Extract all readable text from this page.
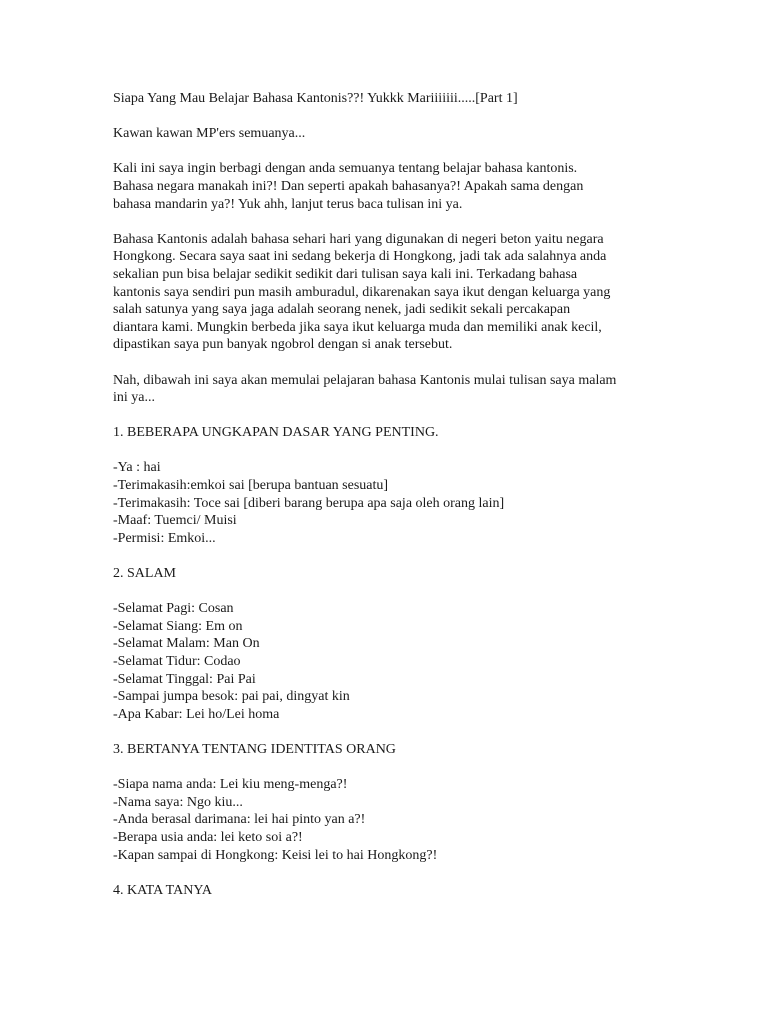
Siapa Yang Mau Belajar Bahasa Kantonis??! Yukkk Mariiiiiii.....[Part 1]
Kawan kawan MP'ers semuanya...
Kali ini saya ingin berbagi dengan anda semuanya tentang belajar bahasa kantonis.
Bahasa negara manakah ini?! Dan seperti apakah bahasanya?! Apakah sama dengan
bahasa mandarin ya?! Yuk ahh, lanjut terus baca tulisan ini ya.
Bahasa Kantonis adalah bahasa sehari hari yang digunakan di negeri beton yaitu negara
Hongkong. Secara saya saat ini sedang bekerja di Hongkong, jadi tak ada salahnya anda
sekalian pun bisa belajar sedikit sedikit dari tulisan saya kali ini. Terkadang bahasa
kantonis saya sendiri pun masih amburadul, dikarenakan saya ikut dengan keluarga yang
salah satunya yang saya jaga adalah seorang nenek, jadi sedikit sekali percakapan
diantara kami. Mungkin berbeda jika saya ikut keluarga muda dan memiliki anak kecil,
dipastikan saya pun banyak ngobrol dengan si anak tersebut.
Nah, dibawah ini saya akan memulai pelajaran bahasa Kantonis mulai tulisan saya malam
ini ya...
1. BEBERAPA UNGKAPAN DASAR YANG PENTING.
-Ya : hai
-Terimakasih:emkoi sai [berupa bantuan sesuatu]
-Terimakasih: Toce sai [diberi barang berupa apa saja oleh orang lain]
-Maaf: Tuemci/ Muisi
-Permisi: Emkoi...
2. SALAM
-Selamat Pagi: Cosan
-Selamat Siang: Em on
-Selamat Malam: Man On
-Selamat Tidur: Codao
-Selamat Tinggal: Pai Pai
-Sampai jumpa besok: pai pai, dingyat kin
-Apa Kabar: Lei ho/Lei homa
3. BERTANYA TENTANG IDENTITAS ORANG
-Siapa nama anda: Lei kiu meng-menga?!
-Nama saya: Ngo kiu...
-Anda berasal darimana: lei hai pinto yan a?!
-Berapa usia anda: lei keto soi a?!
-Kapan sampai di Hongkong: Keisi lei to hai Hongkong?!
4. KATA TANYA
